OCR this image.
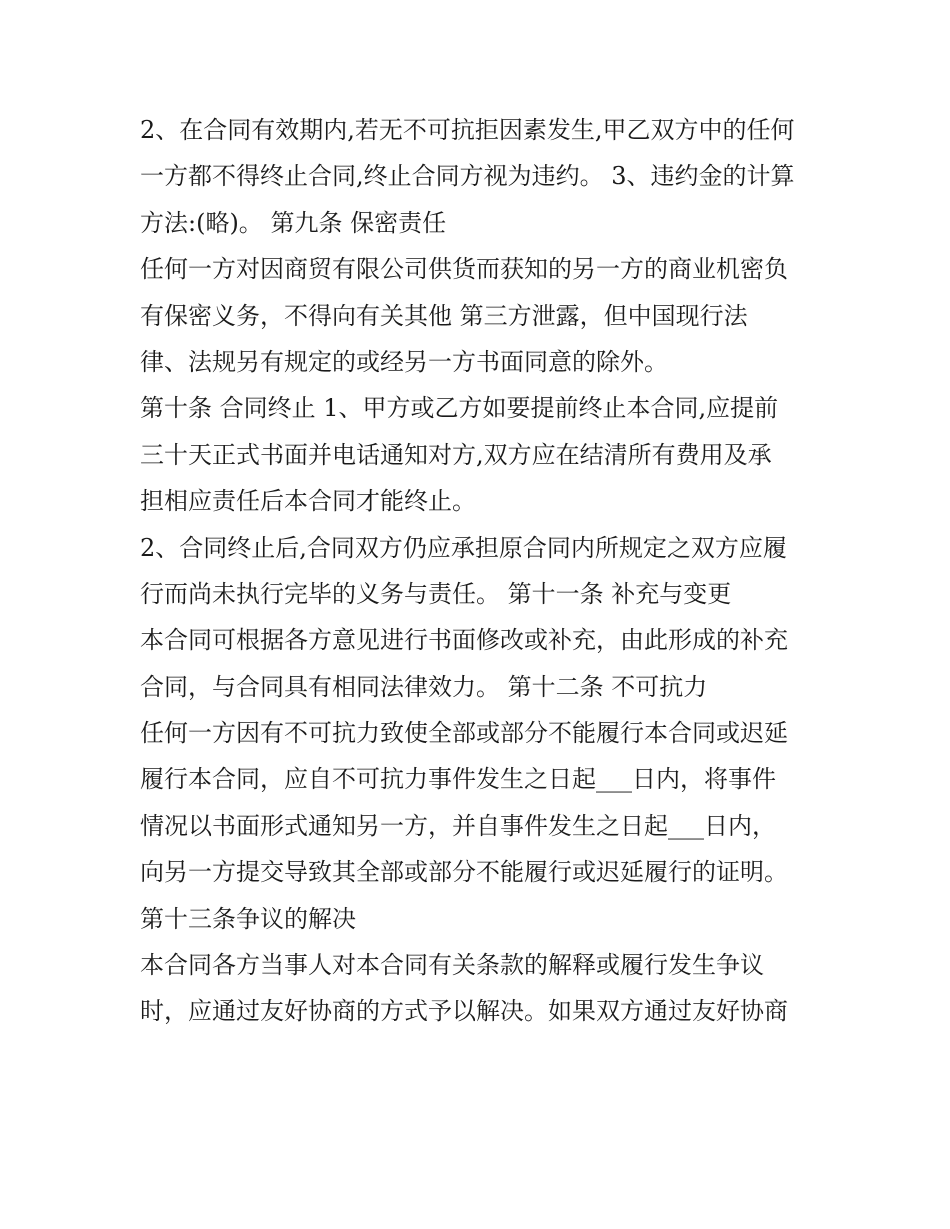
2、在合同有效期内,若无不可抗拒因素发生,甲乙双方中的任何
一方都不得终止合同,终止合同方视为违约。 3、违约金的计算
方法:(略)。 第九条 保密责任
任何一方对因商贸有限公司供货而获知的另一方的商业机密负
有保密义务，不得向有关其他 第三方泄露，但中国现行法
律、法规另有规定的或经另一方书面同意的除外。
第十条 合同终止 1、甲方或乙方如要提前终止本合同,应提前
三十天正式书面并电话通知对方,双方应在结清所有费用及承
担相应责任后本合同才能终止。
2、合同终止后,合同双方仍应承担原合同内所规定之双方应履
行而尚未执行完毕的义务与责任。 第十一条 补充与变更
本合同可根据各方意见进行书面修改或补充，由此形成的补充
合同，与合同具有相同法律效力。 第十二条 不可抗力
任何一方因有不可抗力致使全部或部分不能履行本合同或迟延
履行本合同，应自不可抗力事件发生之日起___日内，将事件
情况以书面形式通知另一方，并自事件发生之日起___日内，
向另一方提交导致其全部或部分不能履行或迟延履行的证明。
第十三条争议的解决
本合同各方当事人对本合同有关条款的解释或履行发生争议
时，应通过友好协商的方式予以解决。如果双方通过友好协商
